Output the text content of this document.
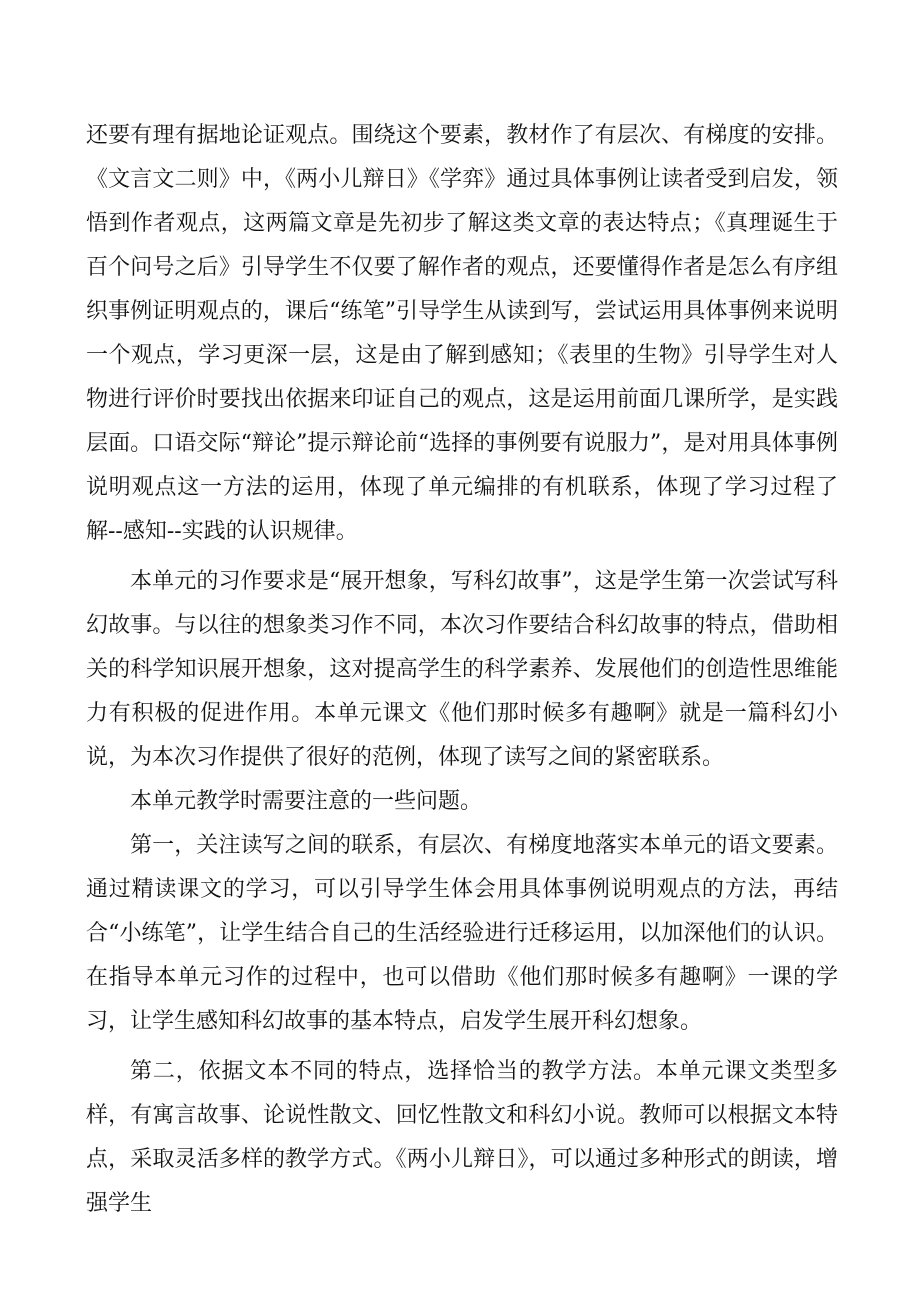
还要有理有据地论证观点。围绕这个要素，教材作了有层次、有梯度的安排。《文言文二则》中，《两小儿辩日》《学弈》通过具体事例让读者受到启发，领悟到作者观点，这两篇文章是先初步了解这类文章的表达特点；《真理诞生于百个问号之后》引导学生不仅要了解作者的观点，还要懂得作者是怎么有序组织事例证明观点的，课后“练笔”引导学生从读到写，尝试运用具体事例来说明一个观点，学习更深一层，这是由了解到感知；《表里的生物》引导学生对人物进行评价时要找出依据来印证自己的观点，这是运用前面几课所学，是实践层面。口语交际“辩论”提示辩论前“选择的事例要有说服力”，是对用具体事例说明观点这一方法的运用，体现了单元编排的有机联系，体现了学习过程了解--感知--实践的认识规律。

本单元的习作要求是“展开想象，写科幻故事”，这是学生第一次尝试写科幻故事。与以往的想象类习作不同，本次习作要结合科幻故事的特点，借助相关的科学知识展开想象，这对提高学生的科学素养、发展他们的创造性思维能力有积极的促进作用。本单元课文《他们那时候多有趣啊》就是一篇科幻小说，为本次习作提供了很好的范例，体现了读写之间的紧密联系。

本单元教学时需要注意的一些问题。

第一，关注读写之间的联系，有层次、有梯度地落实本单元的语文要素。通过精读课文的学习，可以引导学生体会用具体事例说明观点的方法，再结合“小练笔”，让学生结合自己的生活经验进行迁移运用，以加深他们的认识。在指导本单元习作的过程中，也可以借助《他们那时候多有趣啊》一课的学习，让学生感知科幻故事的基本特点，启发学生展开科幻想象。

第二，依据文本不同的特点，选择恰当的教学方法。本单元课文类型多样，有寓言故事、论说性散文、回忆性散文和科幻小说。教师可以根据文本特点，采取灵活多样的教学方式。《两小儿辩日》，可以通过多种形式的朗读，增强学生
